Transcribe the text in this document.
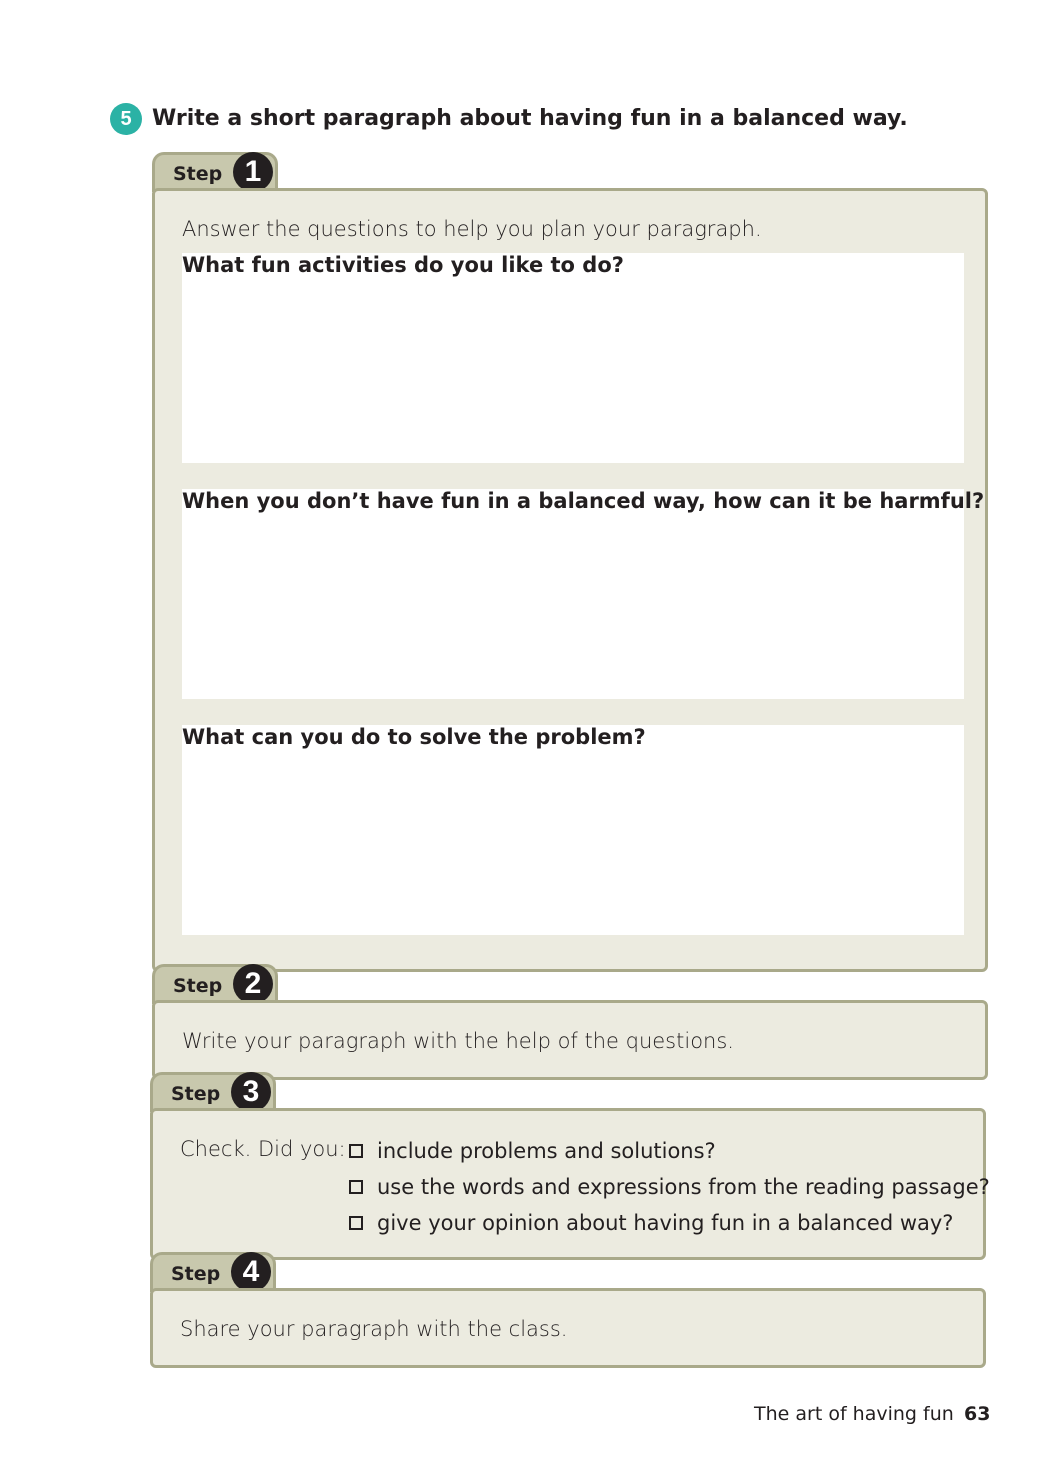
5 Write a short paragraph about having fun in a balanced way.
Step 1
Answer the questions to help you plan your paragraph.
What fun activities do you like to do?
When you don’t have fun in a balanced way, how can it be harmful?
What can you do to solve the problem?
Step 2
Write your paragraph with the help of the questions.
Step 3
Check. Did you: include problems and solutions?
use the words and expressions from the reading passage?
give your opinion about having fun in a balanced way?
Step 4
Share your paragraph with the class.
The art of having fun 63
